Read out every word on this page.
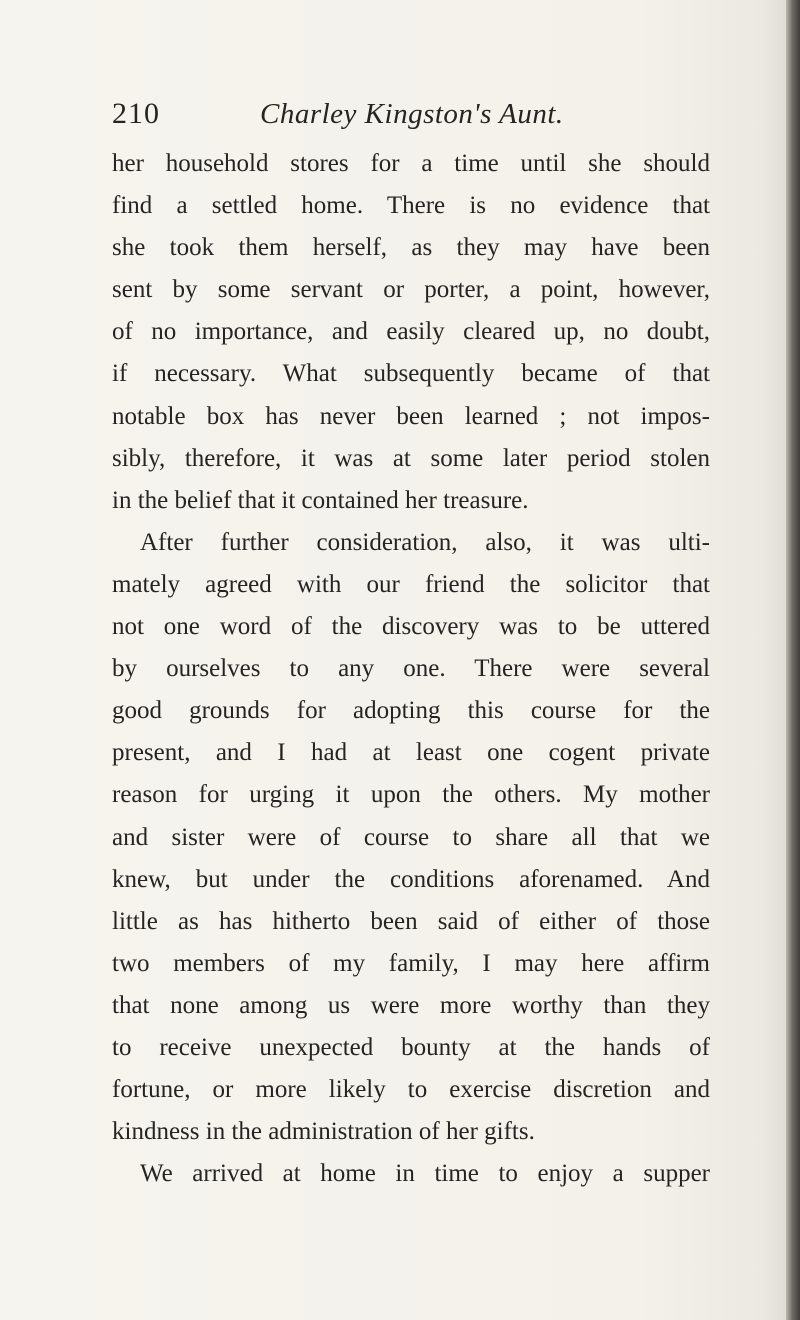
210	Charley Kingston's Aunt.
her household stores for a time until she should
find a settled home. There is no evidence that
she took them herself, as they may have been
sent by some servant or porter, a point, however,
of no importance, and easily cleared up, no doubt,
if necessary. What subsequently became of that
notable box has never been learned ; not impos-
sibly, therefore, it was at some later period stolen
in the belief that it contained her treasure.
After further consideration, also, it was ulti-
mately agreed with our friend the solicitor that
not one word of the discovery was to be uttered
by ourselves to any one. There were several
good grounds for adopting this course for the
present, and I had at least one cogent private
reason for urging it upon the others. My mother
and sister were of course to share all that we
knew, but under the conditions aforenamed. And
little as has hitherto been said of either of those
two members of my family, I may here affirm
that none among us were more worthy than they
to receive unexpected bounty at the hands of
fortune, or more likely to exercise discretion and
kindness in the administration of her gifts.
We arrived at home in time to enjoy a supper
